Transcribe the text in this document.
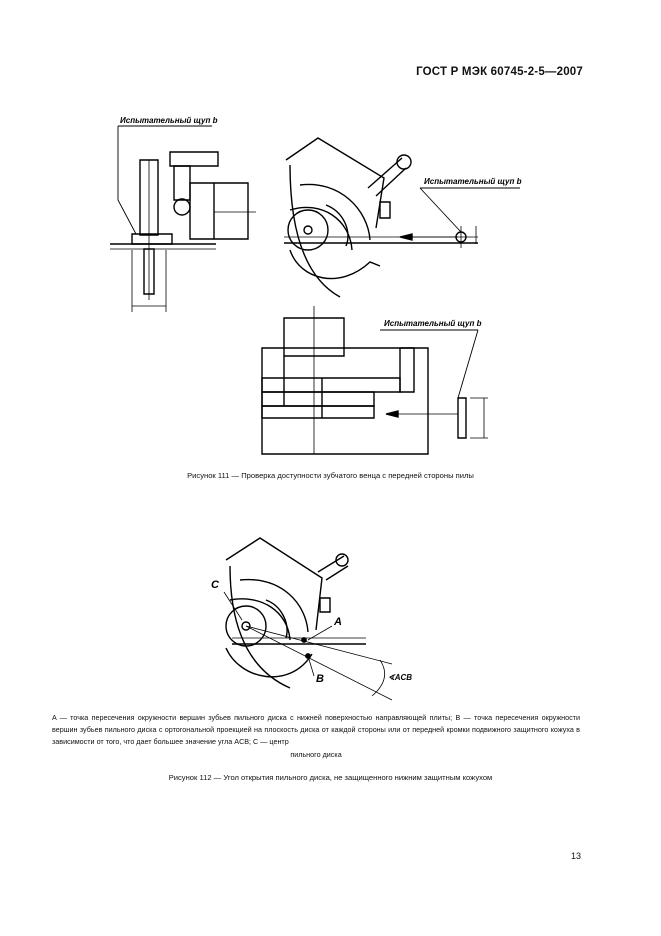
ГОСТ Р МЭК 60745-2-5—2007
Испытательный щуп b
Испытательный щуп b
Испытательный щуп b
Рисунок 111 — Проверка доступности зубчатого венца с передней стороны пилы
C
A
B	∢ACB
A — точка пересечения окружности вершин зубьев пильного диска с нижней поверхностью направляющей плиты; B — точка пересечения окружности вершин зубьев пильного диска с ортогональной проекцией на плоскость диска от каждой стороны или от передней кромки подвижного защитного кожуха в зависимости от того, что дает большее значение угла ACB; C — центр
пильного диска
Рисунок 112 — Угол открытия пильного диска, не защищенного нижним защитным кожухом
13
